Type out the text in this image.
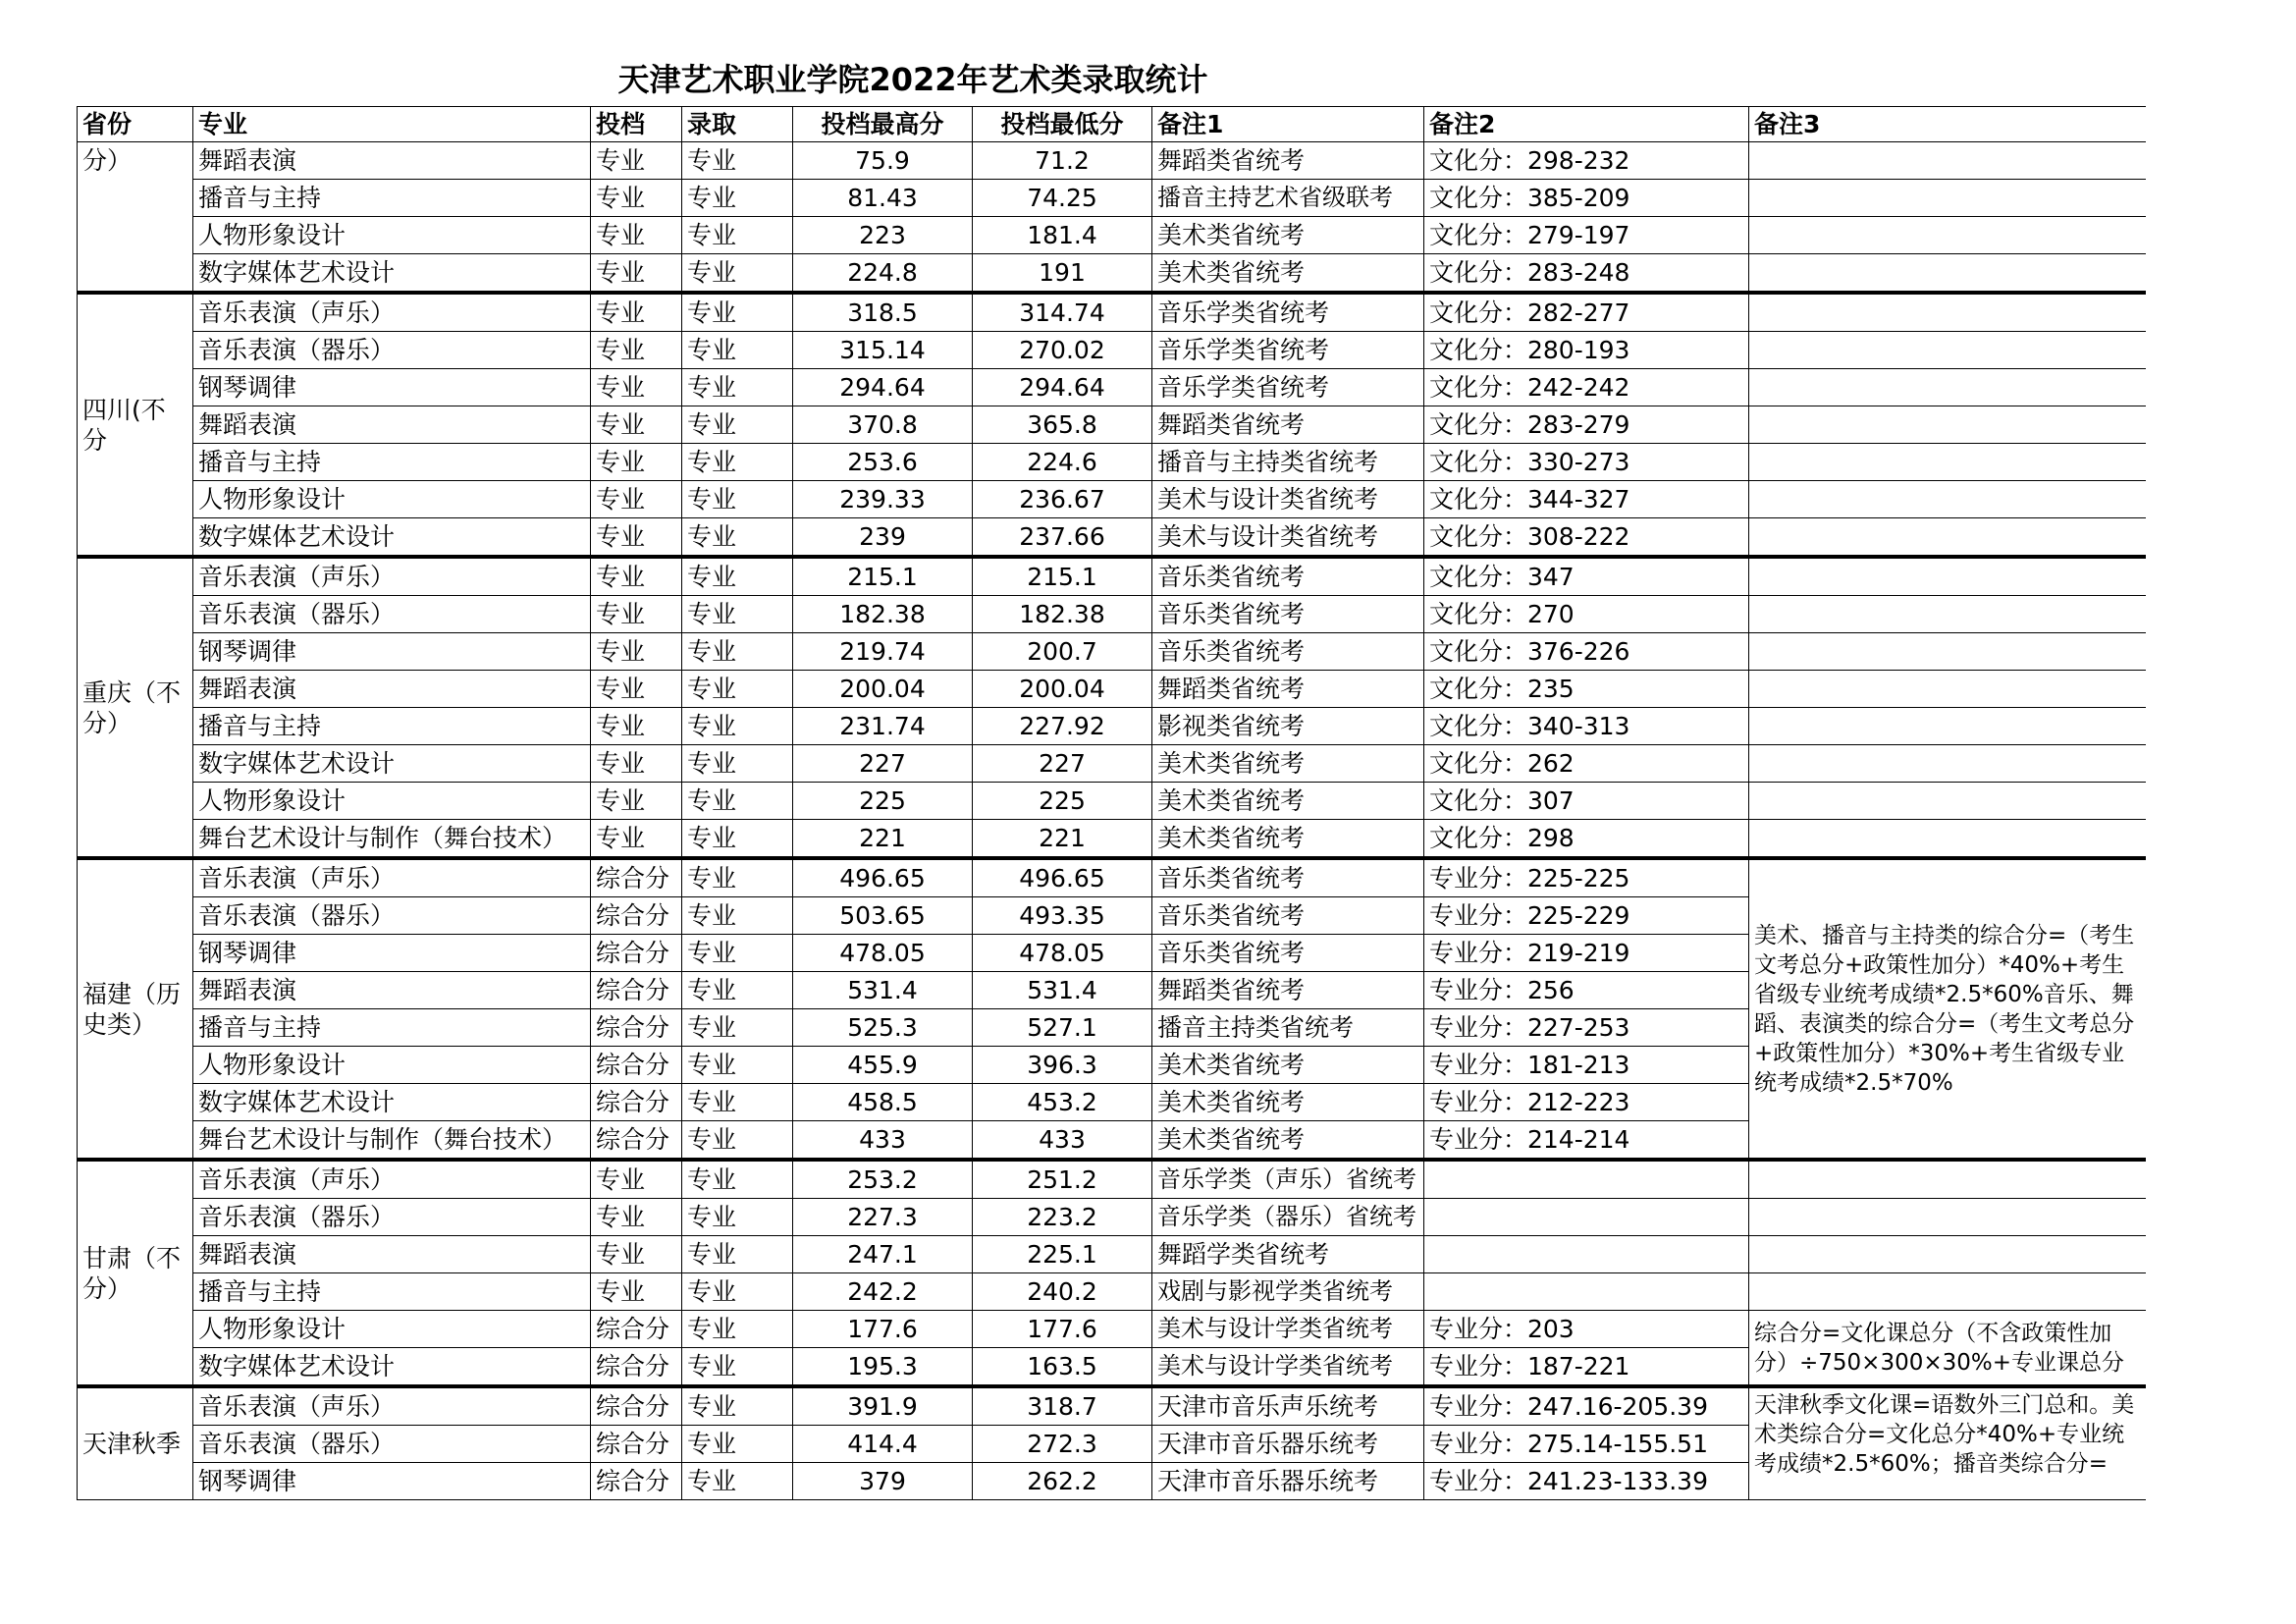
天津艺术职业学院2022年艺术类录取统计
省份	专业	投档	录取	投档最高分	投档最低分	备注1	备注2	备注3
分）	舞蹈表演	专业	专业	75.9	71.2	舞蹈类省统考	文化分：298-232	
	播音与主持	专业	专业	81.43	74.25	播音主持艺术省级联考	文化分：385-209	
	人物形象设计	专业	专业	223	181.4	美术类省统考	文化分：279-197	
	数字媒体艺术设计	专业	专业	224.8	191	美术类省统考	文化分：283-248	
四川(不分	音乐表演（声乐）	专业	专业	318.5	314.74	音乐学类省统考	文化分：282-277	
	音乐表演（器乐）	专业	专业	315.14	270.02	音乐学类省统考	文化分：280-193	
	钢琴调律	专业	专业	294.64	294.64	音乐学类省统考	文化分：242-242	
	舞蹈表演	专业	专业	370.8	365.8	舞蹈类省统考	文化分：283-279	
	播音与主持	专业	专业	253.6	224.6	播音与主持类省统考	文化分：330-273	
	人物形象设计	专业	专业	239.33	236.67	美术与设计类省统考	文化分：344-327	
	数字媒体艺术设计	专业	专业	239	237.66	美术与设计类省统考	文化分：308-222	
重庆（不分）	音乐表演（声乐）	专业	专业	215.1	215.1	音乐类省统考	文化分：347	
	音乐表演（器乐）	专业	专业	182.38	182.38	音乐类省统考	文化分：270	
	钢琴调律	专业	专业	219.74	200.7	音乐类省统考	文化分：376-226	
	舞蹈表演	专业	专业	200.04	200.04	舞蹈类省统考	文化分：235	
	播音与主持	专业	专业	231.74	227.92	影视类省统考	文化分：340-313	
	数字媒体艺术设计	专业	专业	227	227	美术类省统考	文化分：262	
	人物形象设计	专业	专业	225	225	美术类省统考	文化分：307	
	舞台艺术设计与制作（舞台技术）	专业	专业	221	221	美术类省统考	文化分：298	
福建（历史类）	音乐表演（声乐）	综合分	专业	496.65	496.65	音乐类省统考	专业分：225-225	美术、播音与主持类的综合分=（考生文考总分+政策性加分）*40%+考生省级专业统考成绩*2.5*60%音乐、舞蹈、表演类的综合分=（考生文考总分+政策性加分）*30%+考生省级专业统考成绩*2.5*70%
	音乐表演（器乐）	综合分	专业	503.65	493.35	音乐类省统考	专业分：225-229	
	钢琴调律	综合分	专业	478.05	478.05	音乐类省统考	专业分：219-219	
	舞蹈表演	综合分	专业	531.4	531.4	舞蹈类省统考	专业分：256	
	播音与主持	综合分	专业	525.3	527.1	播音主持类省统考	专业分：227-253	
	人物形象设计	综合分	专业	455.9	396.3	美术类省统考	专业分：181-213	
	数字媒体艺术设计	综合分	专业	458.5	453.2	美术类省统考	专业分：212-223	
	舞台艺术设计与制作（舞台技术）	综合分	专业	433	433	美术类省统考	专业分：214-214	
甘肃（不分）	音乐表演（声乐）	专业	专业	253.2	251.2	音乐学类（声乐）省统考		
	音乐表演（器乐）	专业	专业	227.3	223.2	音乐学类（器乐）省统考		
	舞蹈表演	专业	专业	247.1	225.1	舞蹈学类省统考		
	播音与主持	专业	专业	242.2	240.2	戏剧与影视学类省统考		
	人物形象设计	综合分	专业	177.6	177.6	美术与设计学类省统考	专业分：203	综合分=文化课总分（不含政策性加分）÷750×300×30%+专业课总分
	数字媒体艺术设计	综合分	专业	195.3	163.5	美术与设计学类省统考	专业分：187-221	
天津秋季	音乐表演（声乐）	综合分	专业	391.9	318.7	天津市音乐声乐统考	专业分：247.16-205.39	天津秋季文化课=语数外三门总和。美术类综合分=文化总分*40%+专业统考成绩*2.5*60%；播音类综合分=
	音乐表演（器乐）	综合分	专业	414.4	272.3	天津市音乐器乐统考	专业分：275.14-155.51	
	钢琴调律	综合分	专业	379	262.2	天津市音乐器乐统考	专业分：241.23-133.39	
